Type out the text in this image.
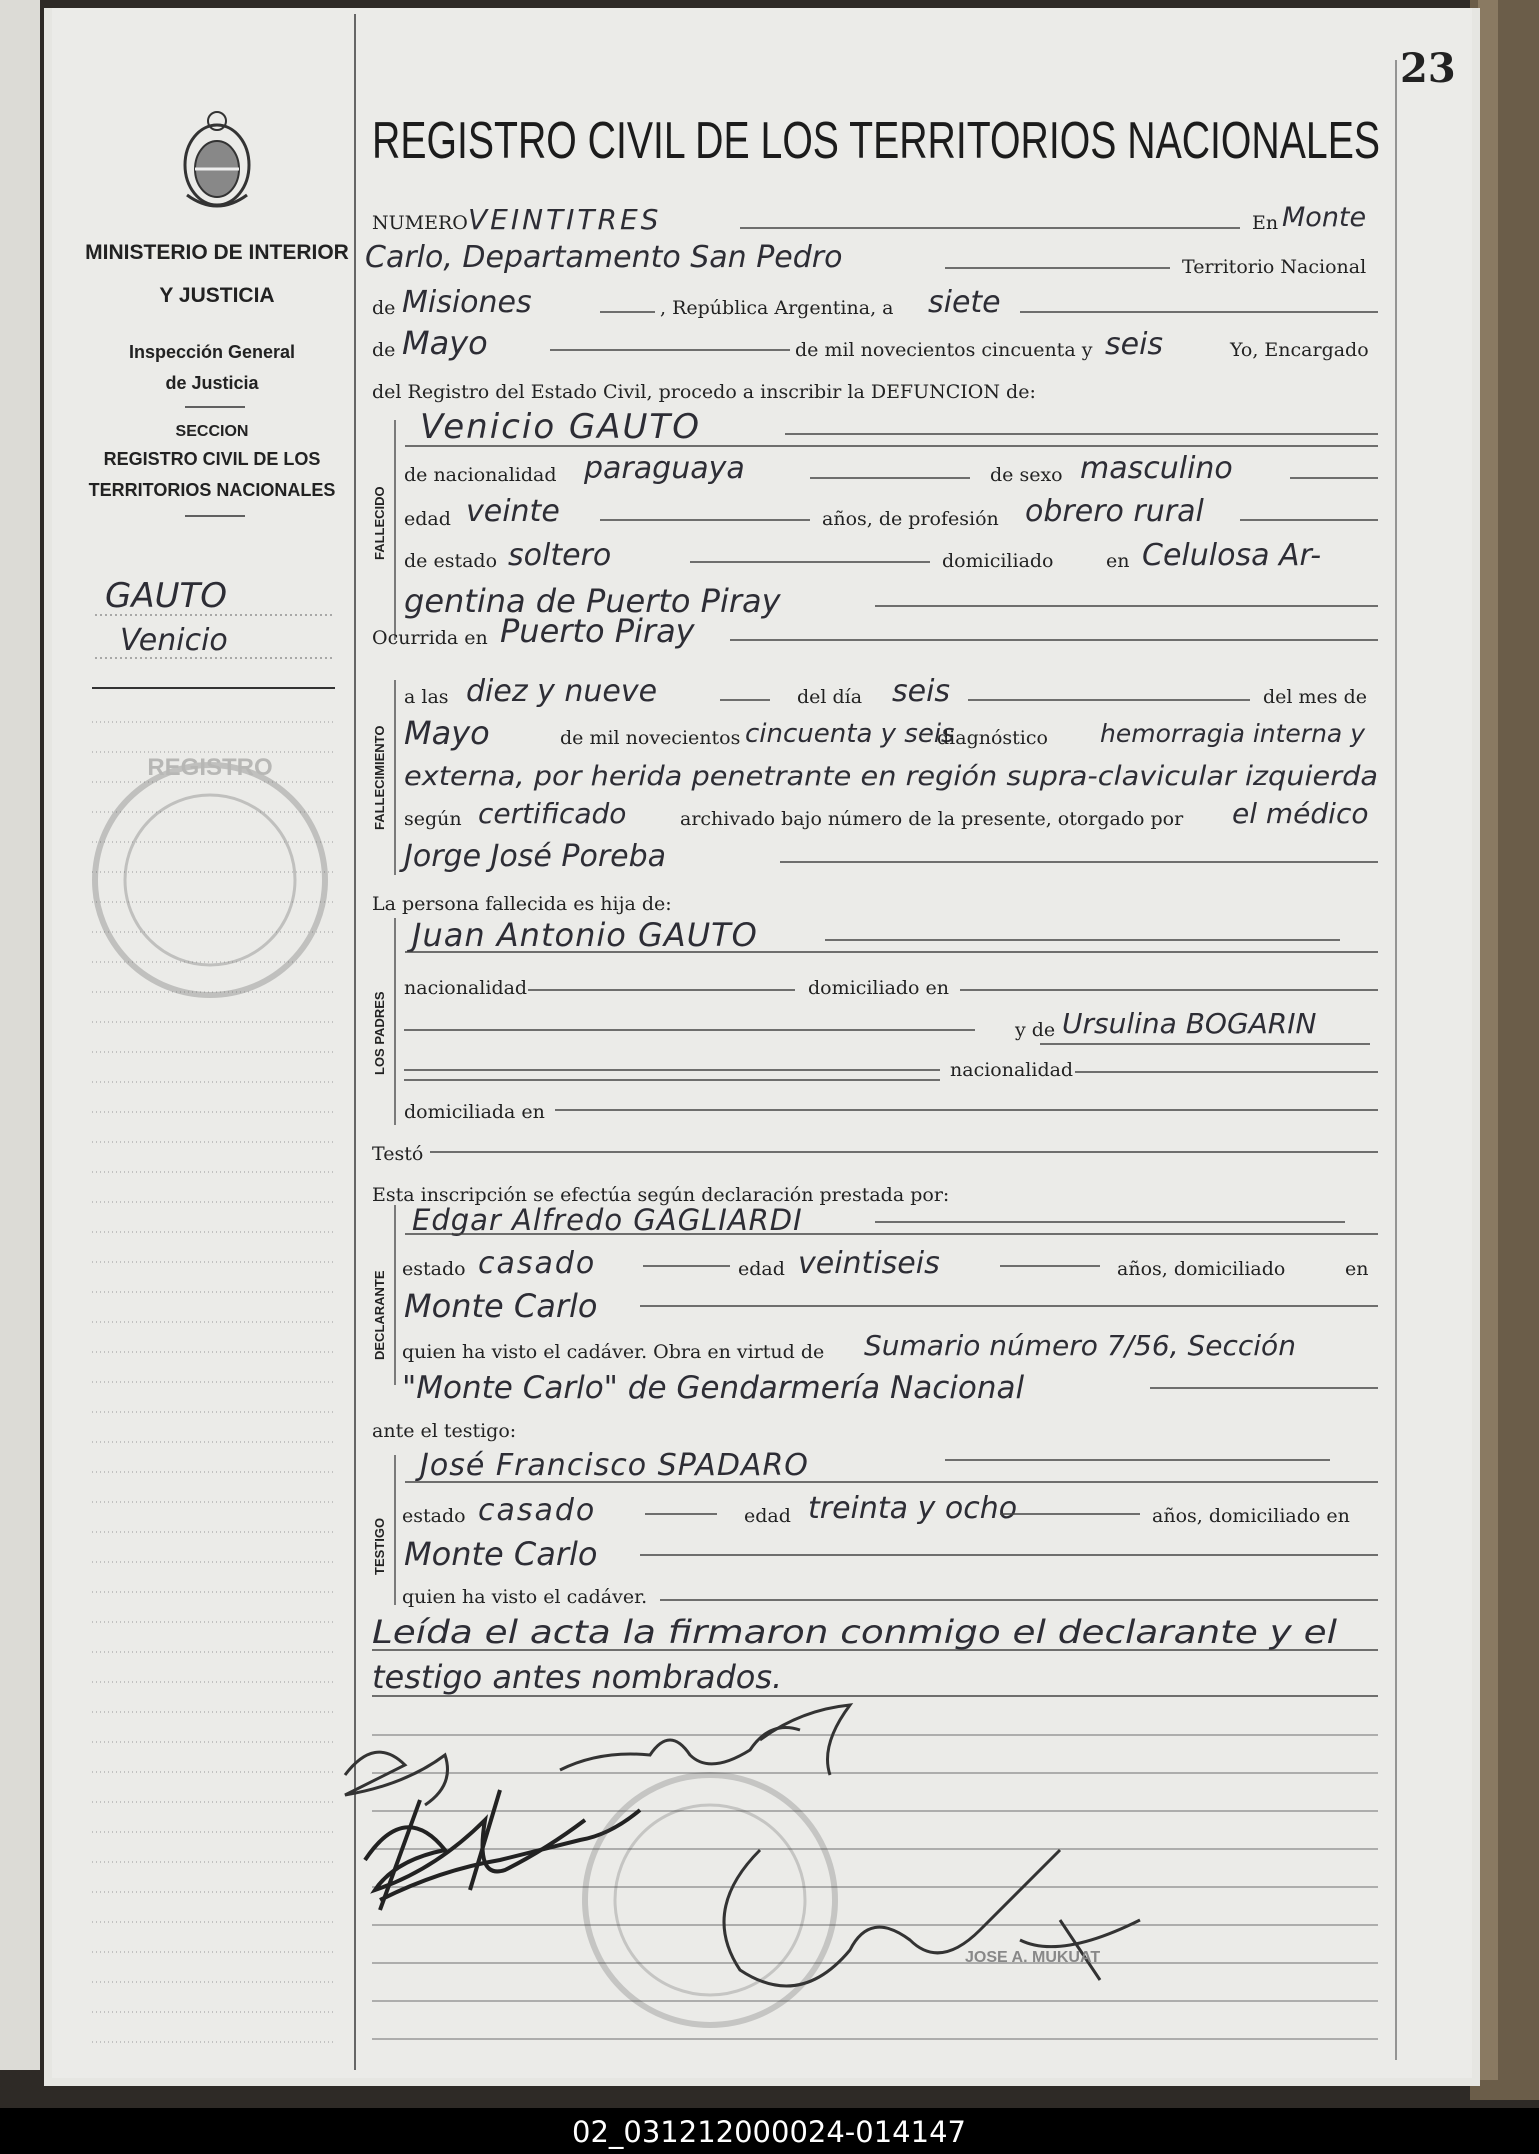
02_031212000024-014147
MINISTERIO DE INTERIOR
Y JUSTICIA
Inspección General
de Justicia
SECCION
REGISTRO CIVIL DE LOS
TERRITORIOS NACIONALES
GAUTO
Venicio
REGISTRO
23
REGISTRO CIVIL DE LOS TERRITORIOS NACIONALES
NUMERO VEINTITRES	En Monte
Carlo, Departamento San Pedro	Territorio Nacional
de Misiones	, República Argentina, a siete
de Mayo	de mil novecientos cincuenta y seis	Yo, Encargado
del Registro del Estado Civil, procedo a inscribir la DEFUNCION de:
FALLECIDO
Venicio GAUTO
de nacionalidad paraguaya	de sexo masculino
edad veinte	años, de profesión obrero rural
de estado soltero	domiciliado	en Celulosa Ar-
gentina de Puerto Piray
Ocurrida en Puerto Piray
FALLECIMIENTO
a las diez y nueve	del día seis	del mes de
Mayo	de mil novecientos cincuenta y seis
diagnóstico hemorragia interna y
externa, por herida penetrante en región supra-clavicular izquierda
según certificado	archivado bajo número de la presente, otorgado por el médico
Jorge José Poreba
La persona fallecida es hija de:
LOS PADRES
Juan Antonio GAUTO
nacionalidad	domiciliado en
y de Ursulina BOGARIN
nacionalidad
domiciliada en
Testó
Esta inscripción se efectúa según declaración prestada por:
DECLARANTE
Edgar Alfredo GAGLIARDI
estado casado	edad veintiseis	años, domiciliado	en
Monte Carlo
quien ha visto el cadáver. Obra en virtud de Sumario número 7/56, Sección
"Monte Carlo" de Gendarmería Nacional
ante el testigo:
TESTIGO
José Francisco SPADARO
estado casado	edad treinta y ocho	años, domiciliado en
Monte Carlo
quien ha visto el cadáver.
Leída el acta la firmaron conmigo el declarante y el
testigo antes nombrados.
JOSE A. MUKUAT
